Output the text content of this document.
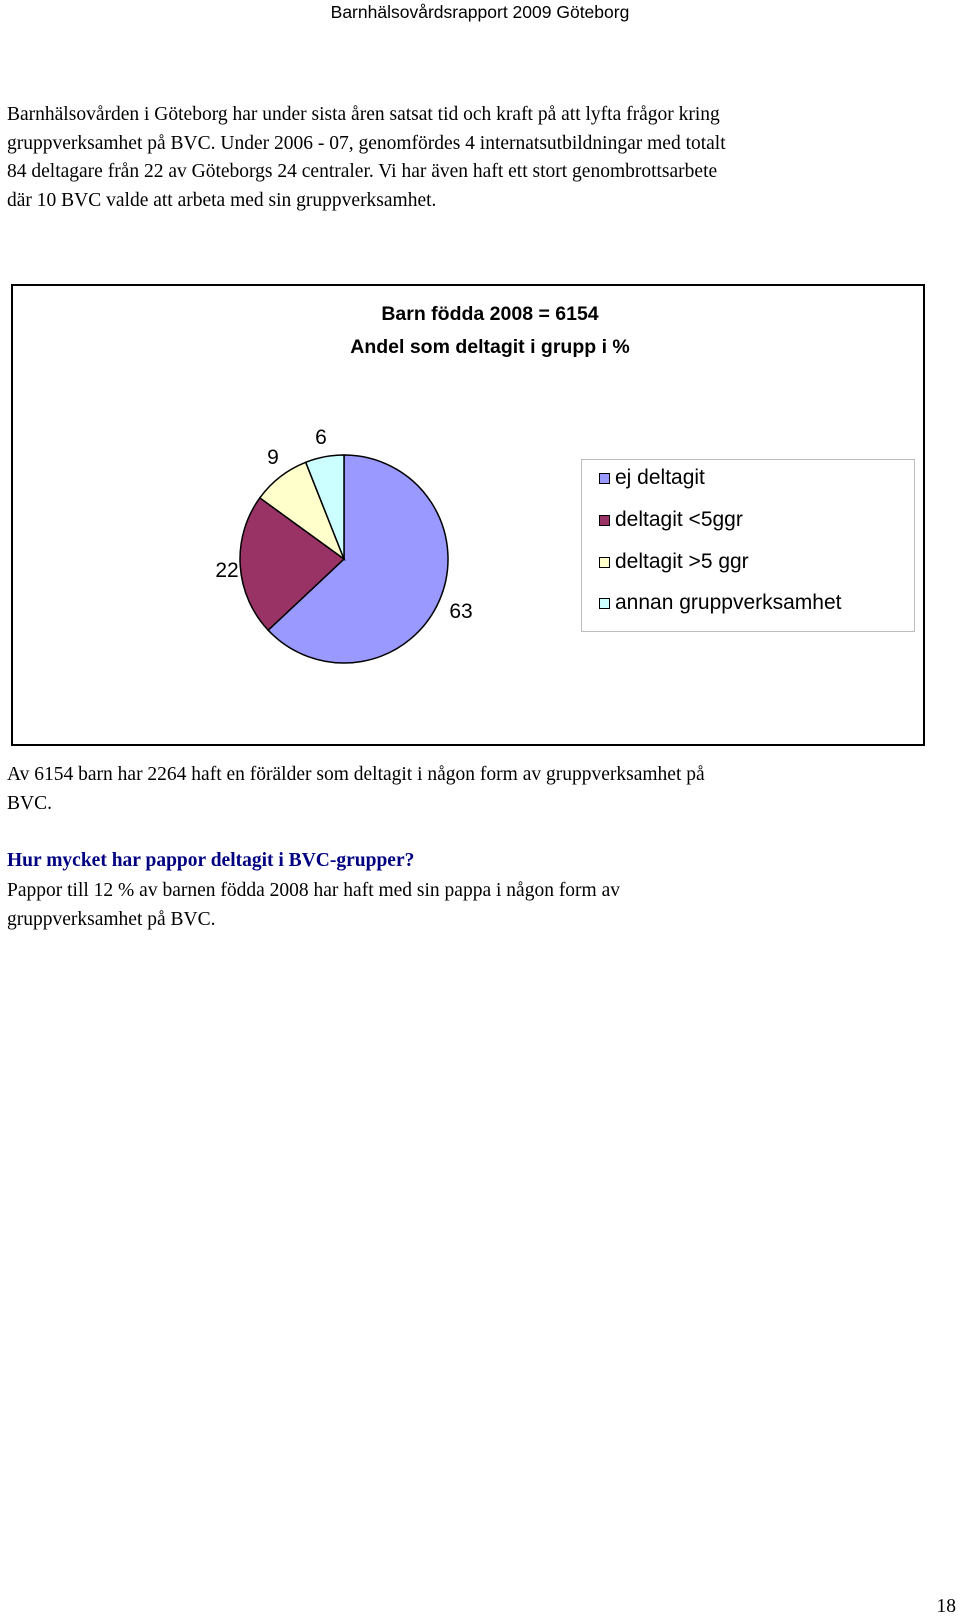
Barnhälsovårdsrapport 2009 Göteborg
Barnhälsovården i Göteborg har under sista åren satsat tid och kraft på att lyfta frågor kring
gruppverksamhet på BVC. Under 2006 - 07, genomfördes 4 internatsutbildningar med totalt
84 deltagare från 22 av Göteborgs 24 centraler. Vi har även haft ett stort genombrottsarbete
där 10 BVC valde att arbeta med sin gruppverksamhet.
Barn födda 2008 = 6154
Andel som deltagit i grupp i %
63
22
9
6
ej deltagit
deltagit <5ggr
deltagit >5 ggr
annan gruppverksamhet
Av 6154 barn har 2264 haft en förälder som deltagit i någon form av gruppverksamhet på
BVC.
Hur mycket har pappor deltagit i BVC-grupper?
Pappor till 12 % av barnen födda 2008 har haft med sin pappa i någon form av
gruppverksamhet på BVC.
18
